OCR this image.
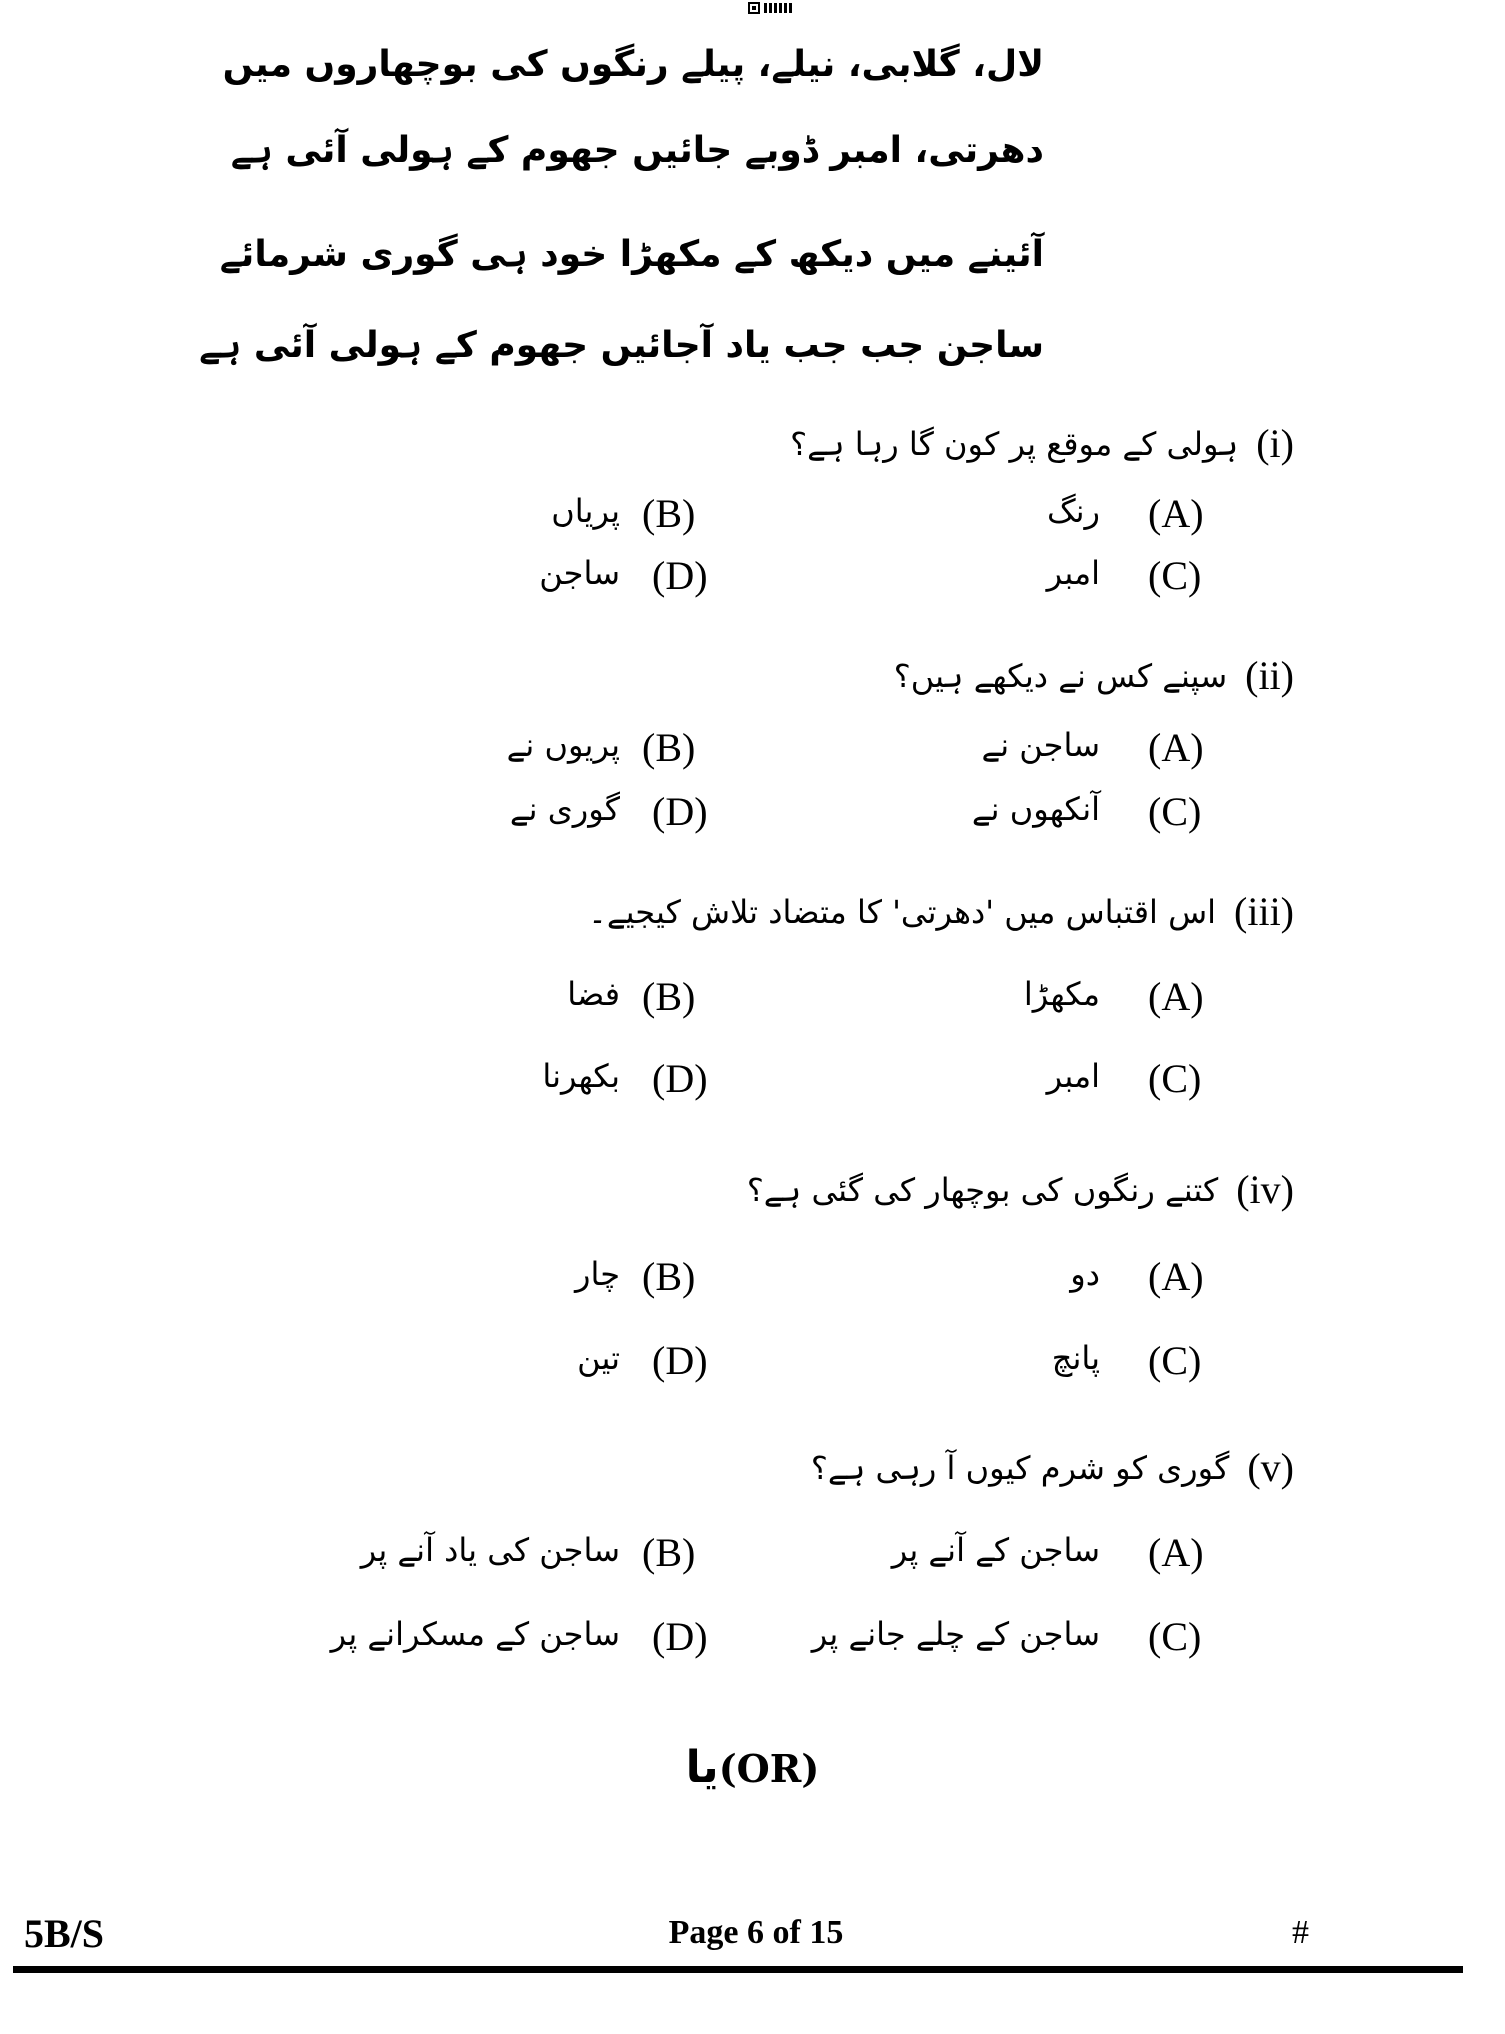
لال، گلابی، نیلے، پیلے رنگوں کی بوچھاروں میں
دھرتی، امبر ڈوبے جائیں جھوم کے ہولی آئی ہے
آئینے میں دیکھ کے مکھڑا خود ہی گوری شرمائے
ساجن جب جب یاد آجائیں جھوم کے ہولی آئی ہے
(i)
ہولی کے موقع پر کون گا رہا ہے؟
(A)
رنگ
(B)
پریاں
(C)
امبر
(D)
ساجن
(ii)
سپنے کس نے دیکھے ہیں؟
(A)
ساجن نے
(B)
پریوں نے
(C)
آنکھوں نے
(D)
گوری نے
(iii)
اس اقتباس میں 'دھرتی' کا متضاد تلاش کیجیے۔
(A)
مکھڑا
(B)
فضا
(C)
امبر
(D)
بکھرنا
(iv)
کتنے رنگوں کی بوچھار کی گئی ہے؟
(A)
دو
(B)
چار
(C)
پانچ
(D)
تین
(v)
گوری کو شرم کیوں آ رہی ہے؟
(A)
ساجن کے آنے پر
(B)
ساجن کی یاد آنے پر
(C)
ساجن کے چلے جانے پر
(D)
ساجن کے مسکرانے پر
یا(OR)
5B/S	Page 6 of 15	#
